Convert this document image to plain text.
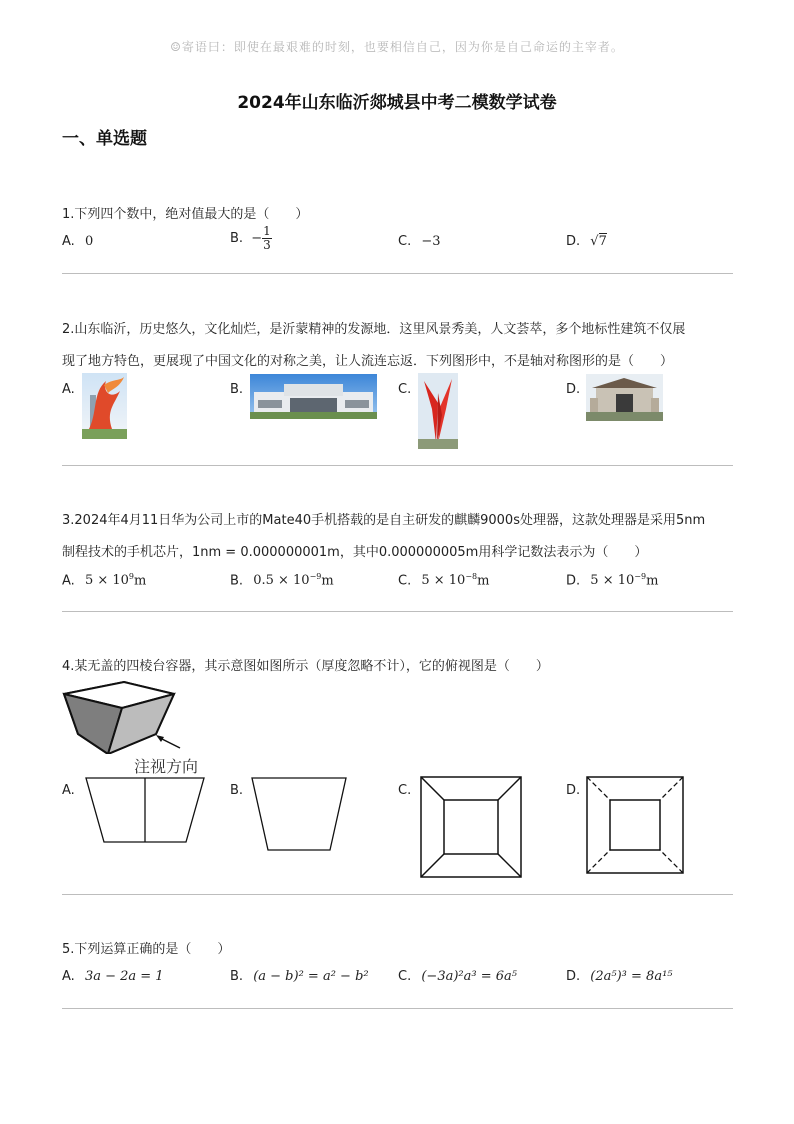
☺寄语曰：即使在最艰难的时刻，也要相信自己，因为你是自己命运的主宰者。
2024年山东临沂郯城县中考二模数学试卷
一、单选题
1.下列四个数中，绝对值最大的是（　　）
A. 0	B. − $\frac{1}{3}$	C. −3	D. √7
2.山东临沂，历史悠久，文化灿烂，是沂蒙精神的发源地．这里风景秀美，人文荟萃，多个地标性建筑不仅展
现了地方特色，更展现了中国文化的对称之美，让人流连忘返．下列图形中，不是轴对称图形的是（　　）
A.	B.	C.	D.
3.2024年4月11日华为公司上市的Mate40手机搭载的是自主研发的麒麟9000s处理器，这款处理器是采用5nm
制程技术的手机芯片，1nm = 0.000000001m，其中0.000000005m用科学记数法表示为（　　）
A. $5 \times 10^9m$	B. $0.5 \times 10^{-9}m$	C. $5 \times 10^{-8}m$	D. $5 \times 10^{-9}m$
4.某无盖的四棱台容器，其示意图如图所示（厚度忽略不计），它的俯视图是（　　）
注视方向
A.	B.	C.	D.
5.下列运算正确的是（　　）
A. 3a − 2a = 1	B. (a − b)² = a² − b² C. (−3a)²a³ = 6a⁵	D. (2a⁵)³ = 8a¹⁵
